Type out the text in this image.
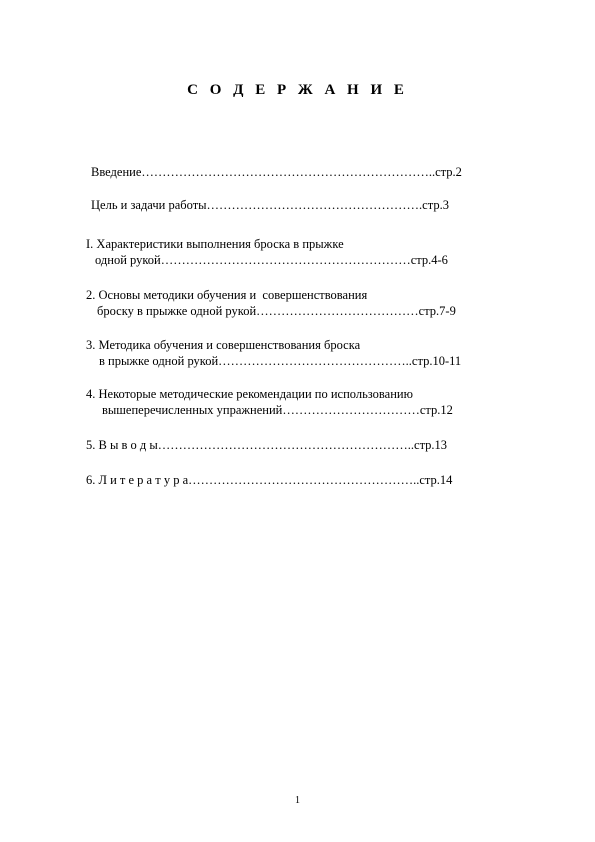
С О Д Е Р Ж А Н И Е
Введение……………………………………………………………..стр.2
Цель и задачи работы…………………………………………….стр.3
I. Характеристики выполнения броска в прыжке
одной рукой……………………………………………………стр.4-6
2. Основы методики обучения и  совершенствования
броску в прыжке одной рукой…………………………………стр.7-9
3. Методика обучения и совершенствования броска
в прыжке одной рукой………………………………………..стр.10-11
4. Некоторые методические рекомендации по использованию
вышеперечисленных упражнений……………………………стр.12
5. В ы в о д ы……………………………………………………..стр.13
6. Л и т е р а т у р а………………………………………………..стр.14
1
